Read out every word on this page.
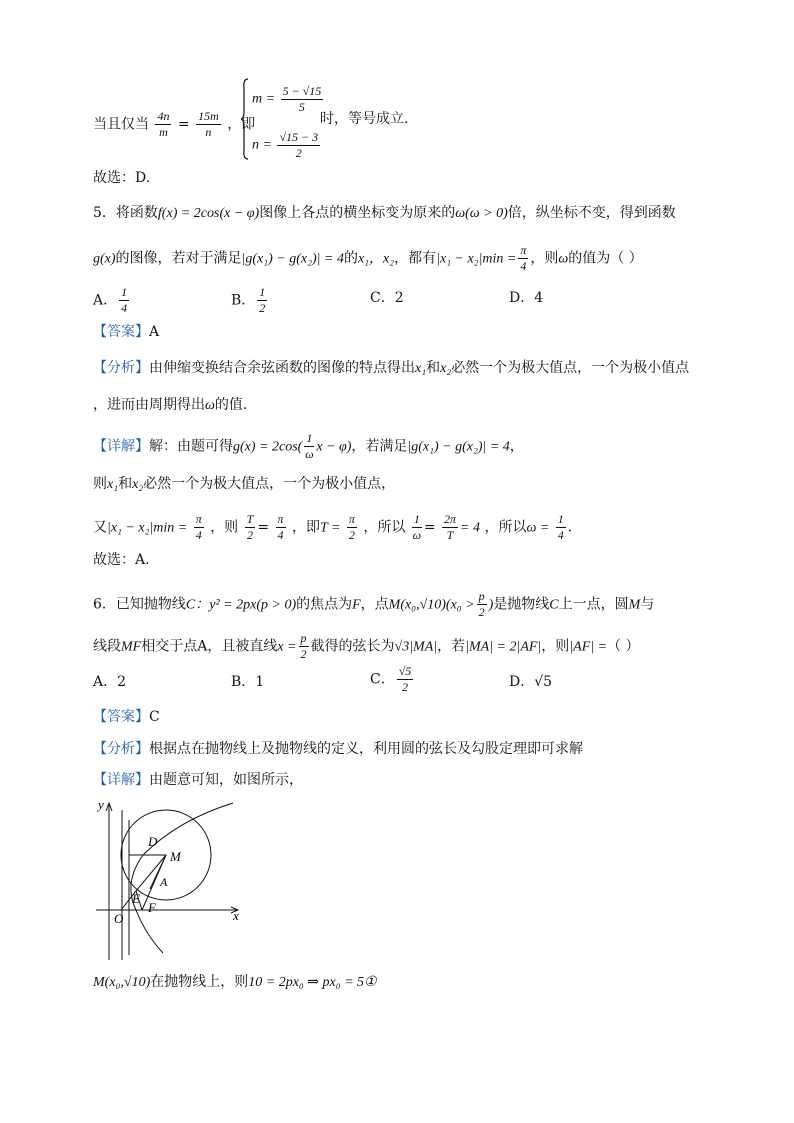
当且仅当 $\frac{4n}{m} = \frac{15m}{n}$ ，即
$m = \frac{5 - √15}{5}$
$n = \frac{√15 - 3}{2}$
时，等号成立.
故选：D.
5．将函数f(x) = 2cos(x − φ)图像上各点的横坐标变为原来的ω(ω > 0)倍，纵坐标不变，得到函数
g(x)的图像，若对于满足|g(x₁) − g(x₂)| = 4的x₁，x₂，都有$|x_1 - x_2|\min = \frac{\pi}{4}$ ，则ω的值为（ ）
A． $\frac{1}{4}$	B． $\frac{1}{2}$	C．2	D．4
【答案】A
【分析】由伸缩变换结合余弦函数的图像的特点得出x₁和x₂必然一个为极大值点，一个为极小值点
，进而由周期得出ω的值.
【详解】解：由题可得$g(x) = 2\cos( \frac{1}{\omega}$ x − φ)，若满足|g(x₁) − g(x₂)| = 4，
则x₁和x₂必然一个为极大值点，一个为极小值点，
又$|x_1 - x_2|\min = \frac{\pi}{4}$ ，则 $\frac{T}{2} = \frac{\pi}{4}$ ，即$T = \frac{\pi}{2}$ ，所以 $\frac{1}{\omega} = \frac{2\pi}{T} = 4$ ，所以$\omega = \frac{1}{4}$ .
故选：A.
6．已知抛物线C：y² = 2px(p > 0)的焦点为F，点$M(x_0,√10)(x_0 > \frac{p}{2}$ )是抛物线C上一点，圆M与
线段MF相交于点A，且被直线$x = \frac{p}{2}$ 截得的弦长为√3|MA|，若|MA| = 2|AF|，则|AF| =（ ）
A．2	B．1	C． $\frac{√5}{2}$	D．√5
【答案】C
【分析】根据点在抛物线上及抛物线的定义，利用圆的弦长及勾股定理即可求解
【详解】由题意可知，如图所示，
y
x
O
D
M
A
E
F
M(x₀,√10)在抛物线上，则10 = 2px₀ ⇒ px₀ = 5①
